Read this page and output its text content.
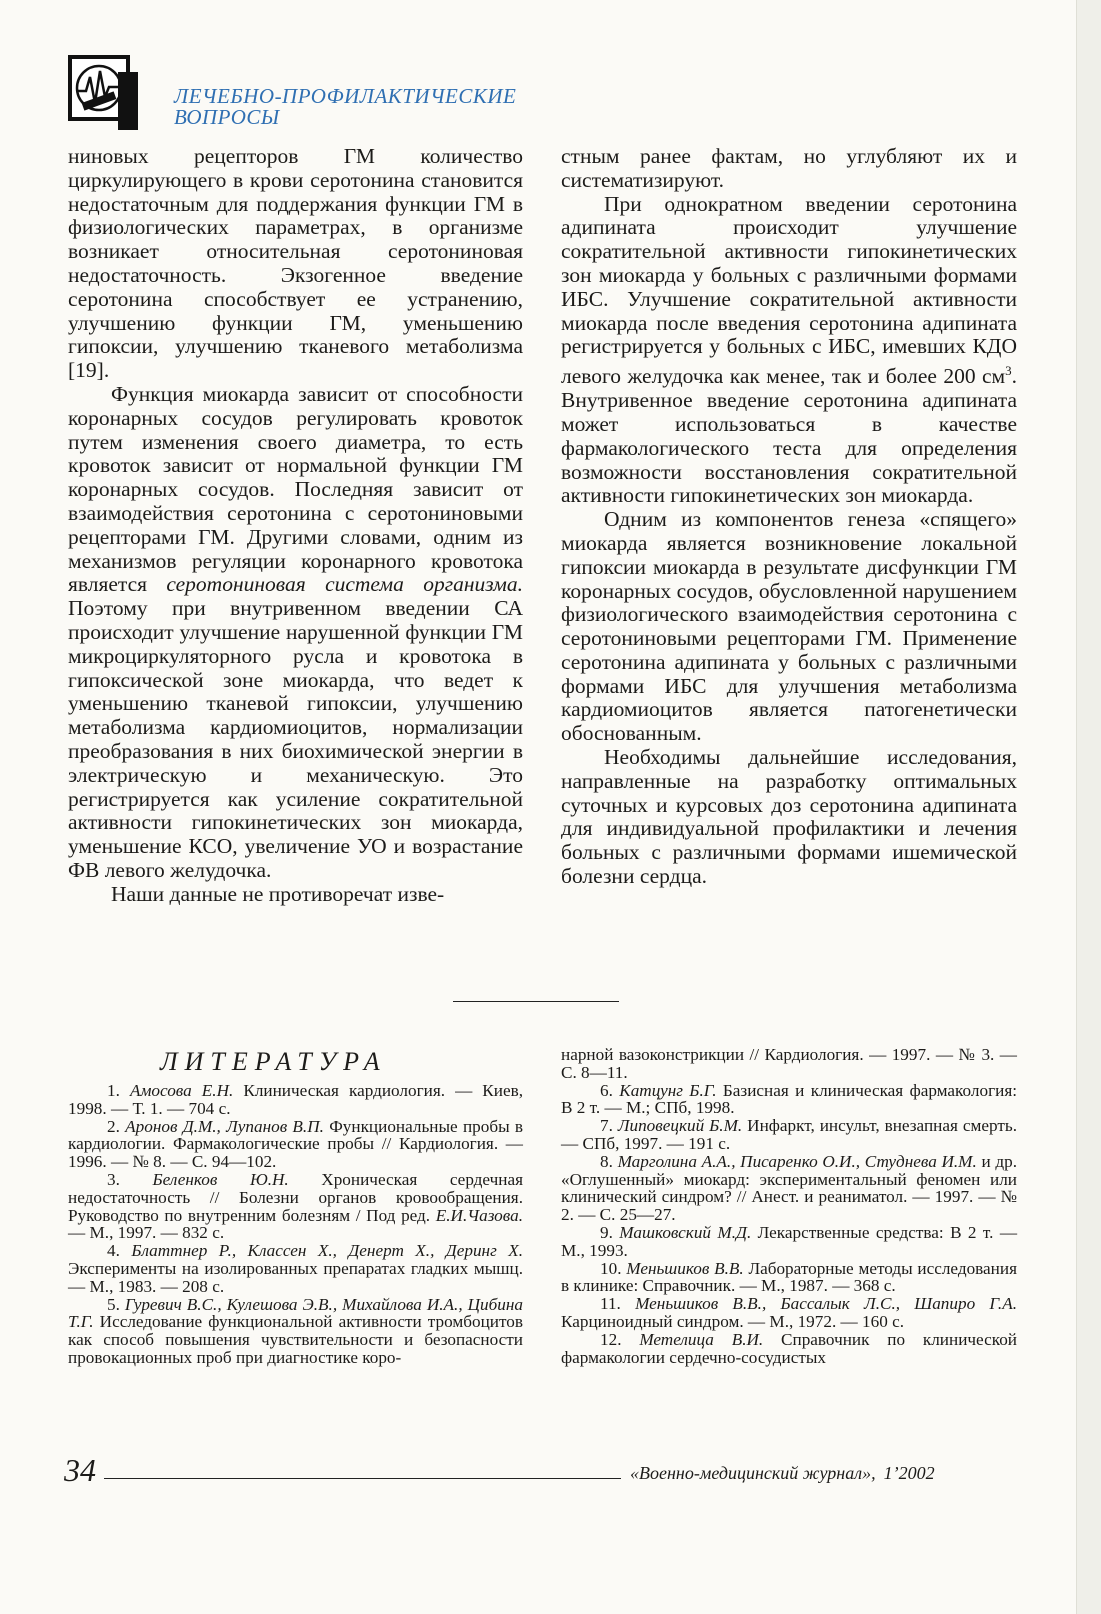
ЛЕЧЕБНО-ПРОФИЛАКТИЧЕСКИЕ
ВОПРОСЫ

ниновых рецепторов ГМ количество циркулирующего в крови серотонина становится недостаточным для поддержания функции ГМ в физиологических параметрах, в организме возникает относительная серотониновая недостаточность. Экзогенное введение серотонина способствует ее устранению, улучшению функции ГМ, уменьшению гипоксии, улучшению тканевого метаболизма [19].

Функция миокарда зависит от способности коронарных сосудов регулировать кровоток путем изменения своего диаметра, то есть кровоток зависит от нормальной функции ГМ коронарных сосудов. Последняя зависит от взаимодействия серотонина с серотониновыми рецепторами ГМ. Другими словами, одним из механизмов регуляции коронарного кровотока является серотониновая система организма. Поэтому при внутривенном введении СА происходит улучшение нарушенной функции ГМ микроциркуляторного русла и кровотока в гипоксической зоне миокарда, что ведет к уменьшению тканевой гипоксии, улучшению метаболизма кардиомиоцитов, нормализации преобразования в них биохимической энергии в электрическую и механическую. Это регистрируется как усиление сократительной активности гипокинетических зон миокарда, уменьшение КСО, увеличение УО и возрастание ФВ левого желудочка.

Наши данные не противоречат изве-

стным ранее фактам, но углубляют их и систематизируют.

При однократном введении серотонина адипината происходит улучшение сократительной активности гипокинетических зон миокарда у больных с различными формами ИБС. Улучшение сократительной активности миокарда после введения серотонина адипината регистрируется у больных с ИБС, имевших КДО левого желудочка как менее, так и более 200 $см^3$. Внутривенное введение серотонина адипината может использоваться в качестве фармакологического теста для определения возможности восстановления сократительной активности гипокинетических зон миокарда.

Одним из компонентов генеза «спящего» миокарда является возникновение локальной гипоксии миокарда в результате дисфункции ГМ коронарных сосудов, обусловленной нарушением физиологического взаимодействия серотонина с серотониновыми рецепторами ГМ. Применение серотонина адипината у больных с различными формами ИБС для улучшения метаболизма кардиомиоцитов является патогенетически обоснованным.

Необходимы дальнейшие исследования, направленные на разработку оптимальных суточных и курсовых доз серотонина адипината для индивидуальной профилактики и лечения больных с различными формами ишемической болезни сердца.

ЛИТЕРАТУРА

1. Амосова Е.Н. Клиническая кардиология. — Киев, 1998. — Т. 1. — 704 с.

2. Аронов Д.М., Лупанов В.П. Функциональные пробы в кардиологии. Фармакологические пробы // Кардиология. — 1996. — № 8. — С. 94—102.

3. Беленков Ю.Н. Хроническая сердечная недостаточность // Болезни органов кровообращения. Руководство по внутренним болезням / Под ред. Е.И.Чазова. — М., 1997. — 832 с.

4. Блаттнер Р., Классен Х., Денерт Х., Деринг Х. Эксперименты на изолированных препаратах гладких мышц. — М., 1983. — 208 с.

5. Гуревич В.С., Кулешова Э.В., Михайлова И.А., Цибина Т.Г. Исследование функциональной активности тромбоцитов как способ повышения чувствительности и безопасности провокационных проб при диагностике коро-

нарной вазоконстрикции // Кардиология. — 1997. — № 3. — С. 8—11.

6. Катцунг Б.Г. Базисная и клиническая фармакология: В 2 т. — М.; СПб, 1998.

7. Липовецкий Б.М. Инфаркт, инсульт, внезапная смерть. — СПб, 1997. — 191 с.

8. Марголина А.А., Писаренко О.И., Студнева И.М. и др. «Оглушенный» миокард: экспериментальный феномен или клинический синдром? // Анест. и реаниматол. — 1997. — № 2. — С. 25—27.

9. Машковский М.Д. Лекарственные средства: В 2 т. — М., 1993.

10. Меньшиков В.В. Лабораторные методы исследования в клинике: Справочник. — М., 1987. — 368 с.

11. Меньшиков В.В., Бассалык Л.С., Шапиро Г.А. Карциноидный синдром. — М., 1972. — 160 с.

12. Метелица В.И. Справочник по клинической фармакологии сердечно-сосудистых

34	«Военно-медицинский журнал», 1’2002
